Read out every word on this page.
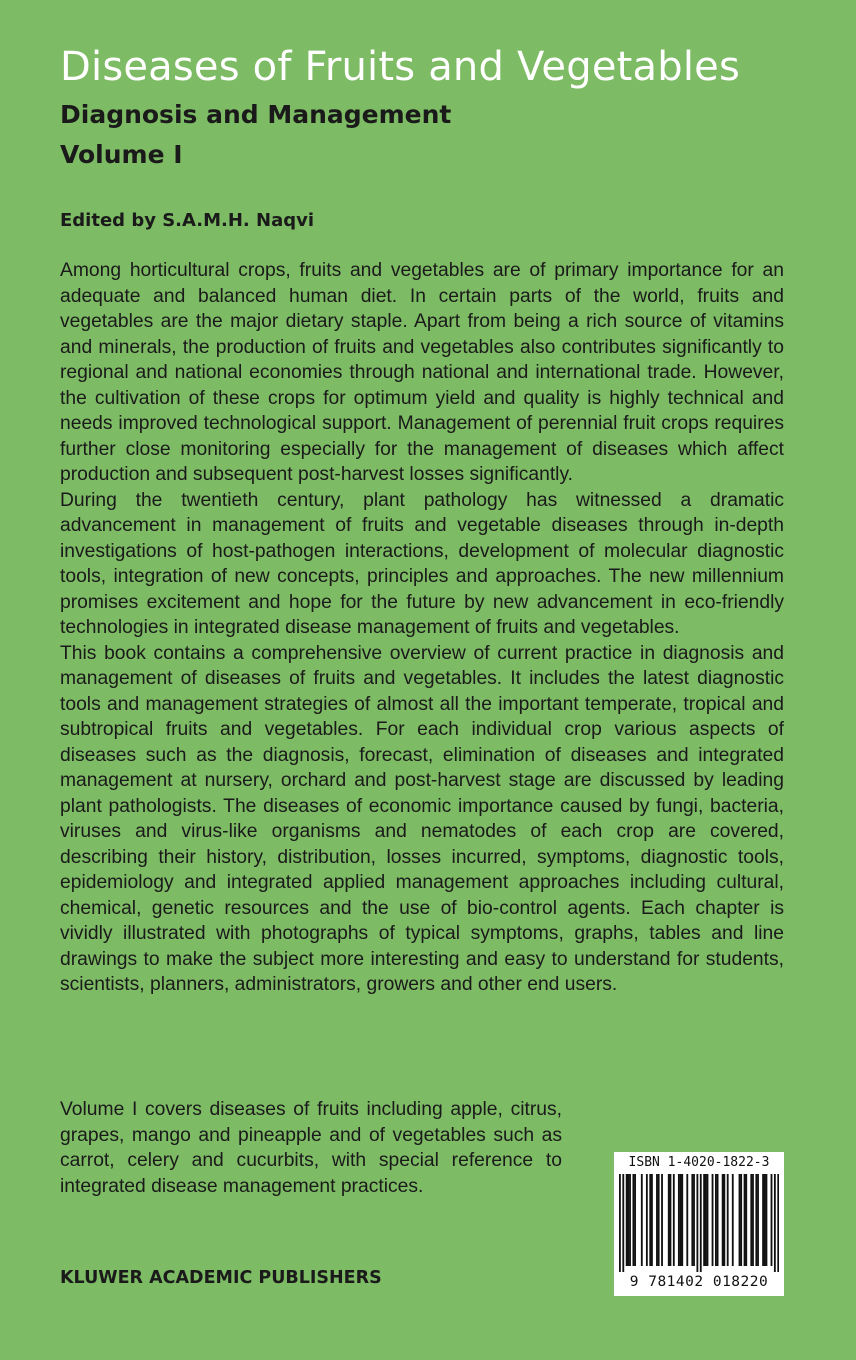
Diseases of Fruits and Vegetables
Diagnosis and Management
Volume I
Edited by S.A.M.H. Naqvi

Among horticultural crops, fruits and vegetables are of primary importance for an adequate and balanced human diet. In certain parts of the world, fruits and vegetables are the major dietary staple. Apart from being a rich source of vitamins and minerals, the production of fruits and vegetables also contributes significantly to regional and national economies through national and international trade. However, the cultivation of these crops for optimum yield and quality is highly technical and needs improved technological support. Management of perennial fruit crops requires further close monitoring especially for the management of diseases which affect production and subsequent post-harvest losses significantly.

During the twentieth century, plant pathology has witnessed a dramatic advancement in management of fruits and vegetable diseases through in-depth investigations of host-pathogen interactions, development of molecular diagnostic tools, integration of new concepts, principles and approaches. The new millennium promises excitement and hope for the future by new advancement in eco-friendly technologies in integrated disease management of fruits and vegetables.

This book contains a comprehensive overview of current practice in diagnosis and management of diseases of fruits and vegetables. It includes the latest diagnostic tools and management strategies of almost all the important temperate, tropical and subtropical fruits and vegetables. For each individual crop various aspects of diseases such as the diagnosis, forecast, elimination of diseases and integrated management at nursery, orchard and post-harvest stage are discussed by leading plant pathologists. The diseases of economic importance caused by fungi, bacteria, viruses and virus-like organisms and nematodes of each crop are covered, describing their history, distribution, losses incurred, symptoms, diagnostic tools, epidemiology and integrated applied management approaches including cultural, chemical, genetic resources and the use of bio-control agents. Each chapter is vividly illustrated with photographs of typical symptoms, graphs, tables and line drawings to make the subject more interesting and easy to understand for students, scientists, planners, administrators, growers and other end users.

Volume I covers diseases of fruits including apple, citrus, grapes, mango and pineapple and of vegetables such as carrot, celery and cucurbits, with special reference to integrated disease management practices.

KLUWER ACADEMIC PUBLISHERS
ISBN 1-4020-1822-3
9 781402 018220
